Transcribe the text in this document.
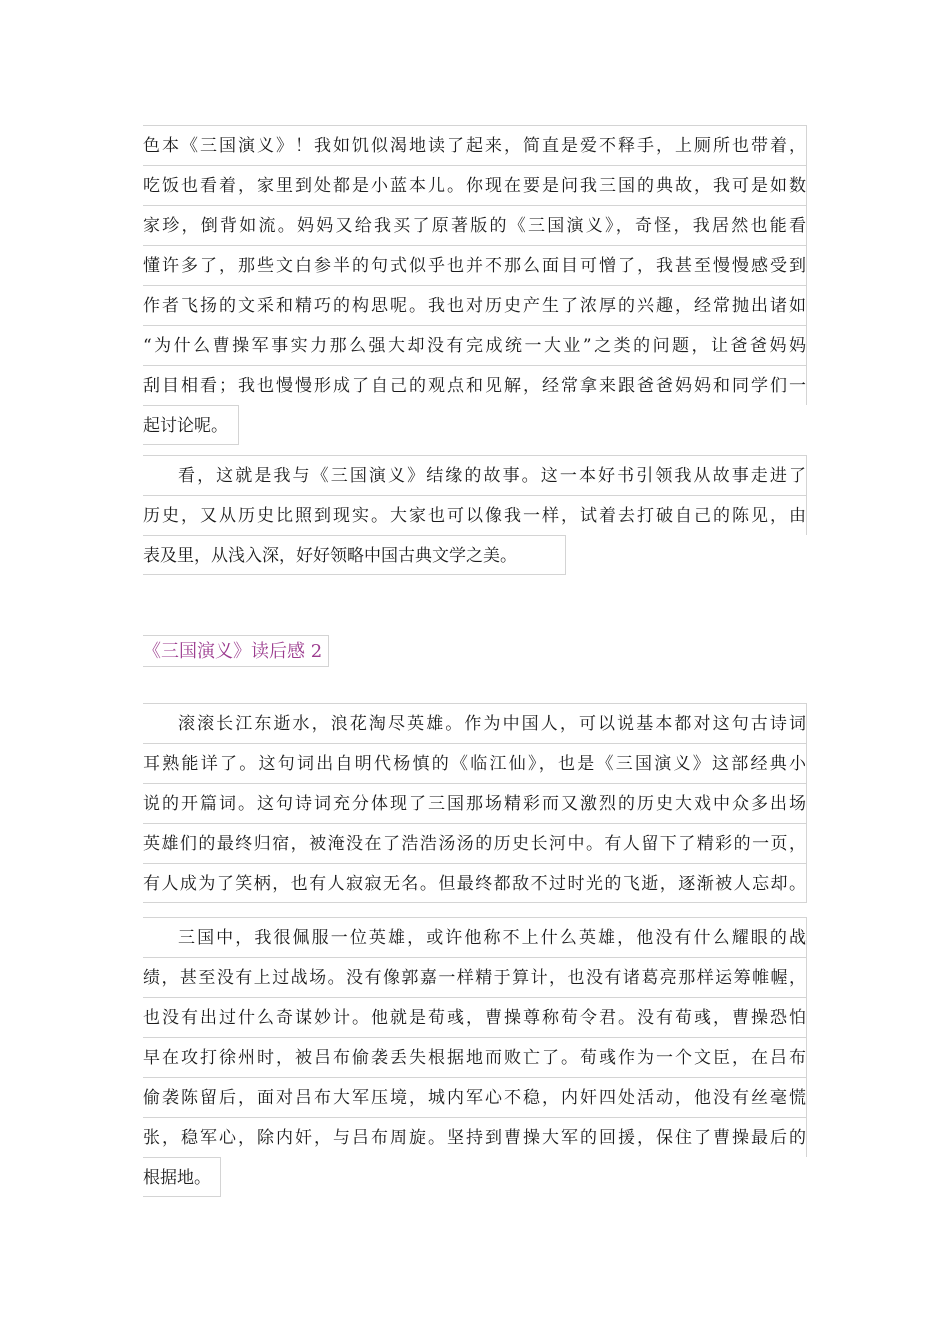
色本《三国演义》！我如饥似渴地读了起来，简直是爱不释手，上厕所也带着，
吃饭也看着，家里到处都是小蓝本儿。你现在要是问我三国的典故，我可是如数
家珍，倒背如流。妈妈又给我买了原著版的《三国演义》，奇怪，我居然也能看
懂许多了，那些文白参半的句式似乎也并不那么面目可憎了，我甚至慢慢感受到
作者飞扬的文采和精巧的构思呢。我也对历史产生了浓厚的兴趣，经常抛出诸如
“为什么曹操军事实力那么强大却没有完成统一大业”之类的问题，让爸爸妈妈
刮目相看；我也慢慢形成了自己的观点和见解，经常拿来跟爸爸妈妈和同学们一
起讨论呢。
看，这就是我与《三国演义》结缘的故事。这一本好书引领我从故事走进了
历史，又从历史比照到现实。大家也可以像我一样，试着去打破自己的陈见，由
表及里，从浅入深，好好领略中国古典文学之美。
《三国演义》读后感 2
滚滚长江东逝水，浪花淘尽英雄。作为中国人，可以说基本都对这句古诗词
耳熟能详了。这句词出自明代杨慎的《临江仙》，也是《三国演义》这部经典小
说的开篇词。这句诗词充分体现了三国那场精彩而又激烈的历史大戏中众多出场
英雄们的最终归宿，被淹没在了浩浩汤汤的历史长河中。有人留下了精彩的一页，
有人成为了笑柄，也有人寂寂无名。但最终都敌不过时光的飞逝，逐渐被人忘却。
三国中，我很佩服一位英雄，或许他称不上什么英雄，他没有什么耀眼的战
绩，甚至没有上过战场。没有像郭嘉一样精于算计，也没有诸葛亮那样运筹帷幄，
也没有出过什么奇谋妙计。他就是荀彧，曹操尊称荀令君。没有荀彧，曹操恐怕
早在攻打徐州时，被吕布偷袭丢失根据地而败亡了。荀彧作为一个文臣，在吕布
偷袭陈留后，面对吕布大军压境，城内军心不稳，内奸四处活动，他没有丝毫慌
张，稳军心，除内奸，与吕布周旋。坚持到曹操大军的回援，保住了曹操最后的
根据地。
